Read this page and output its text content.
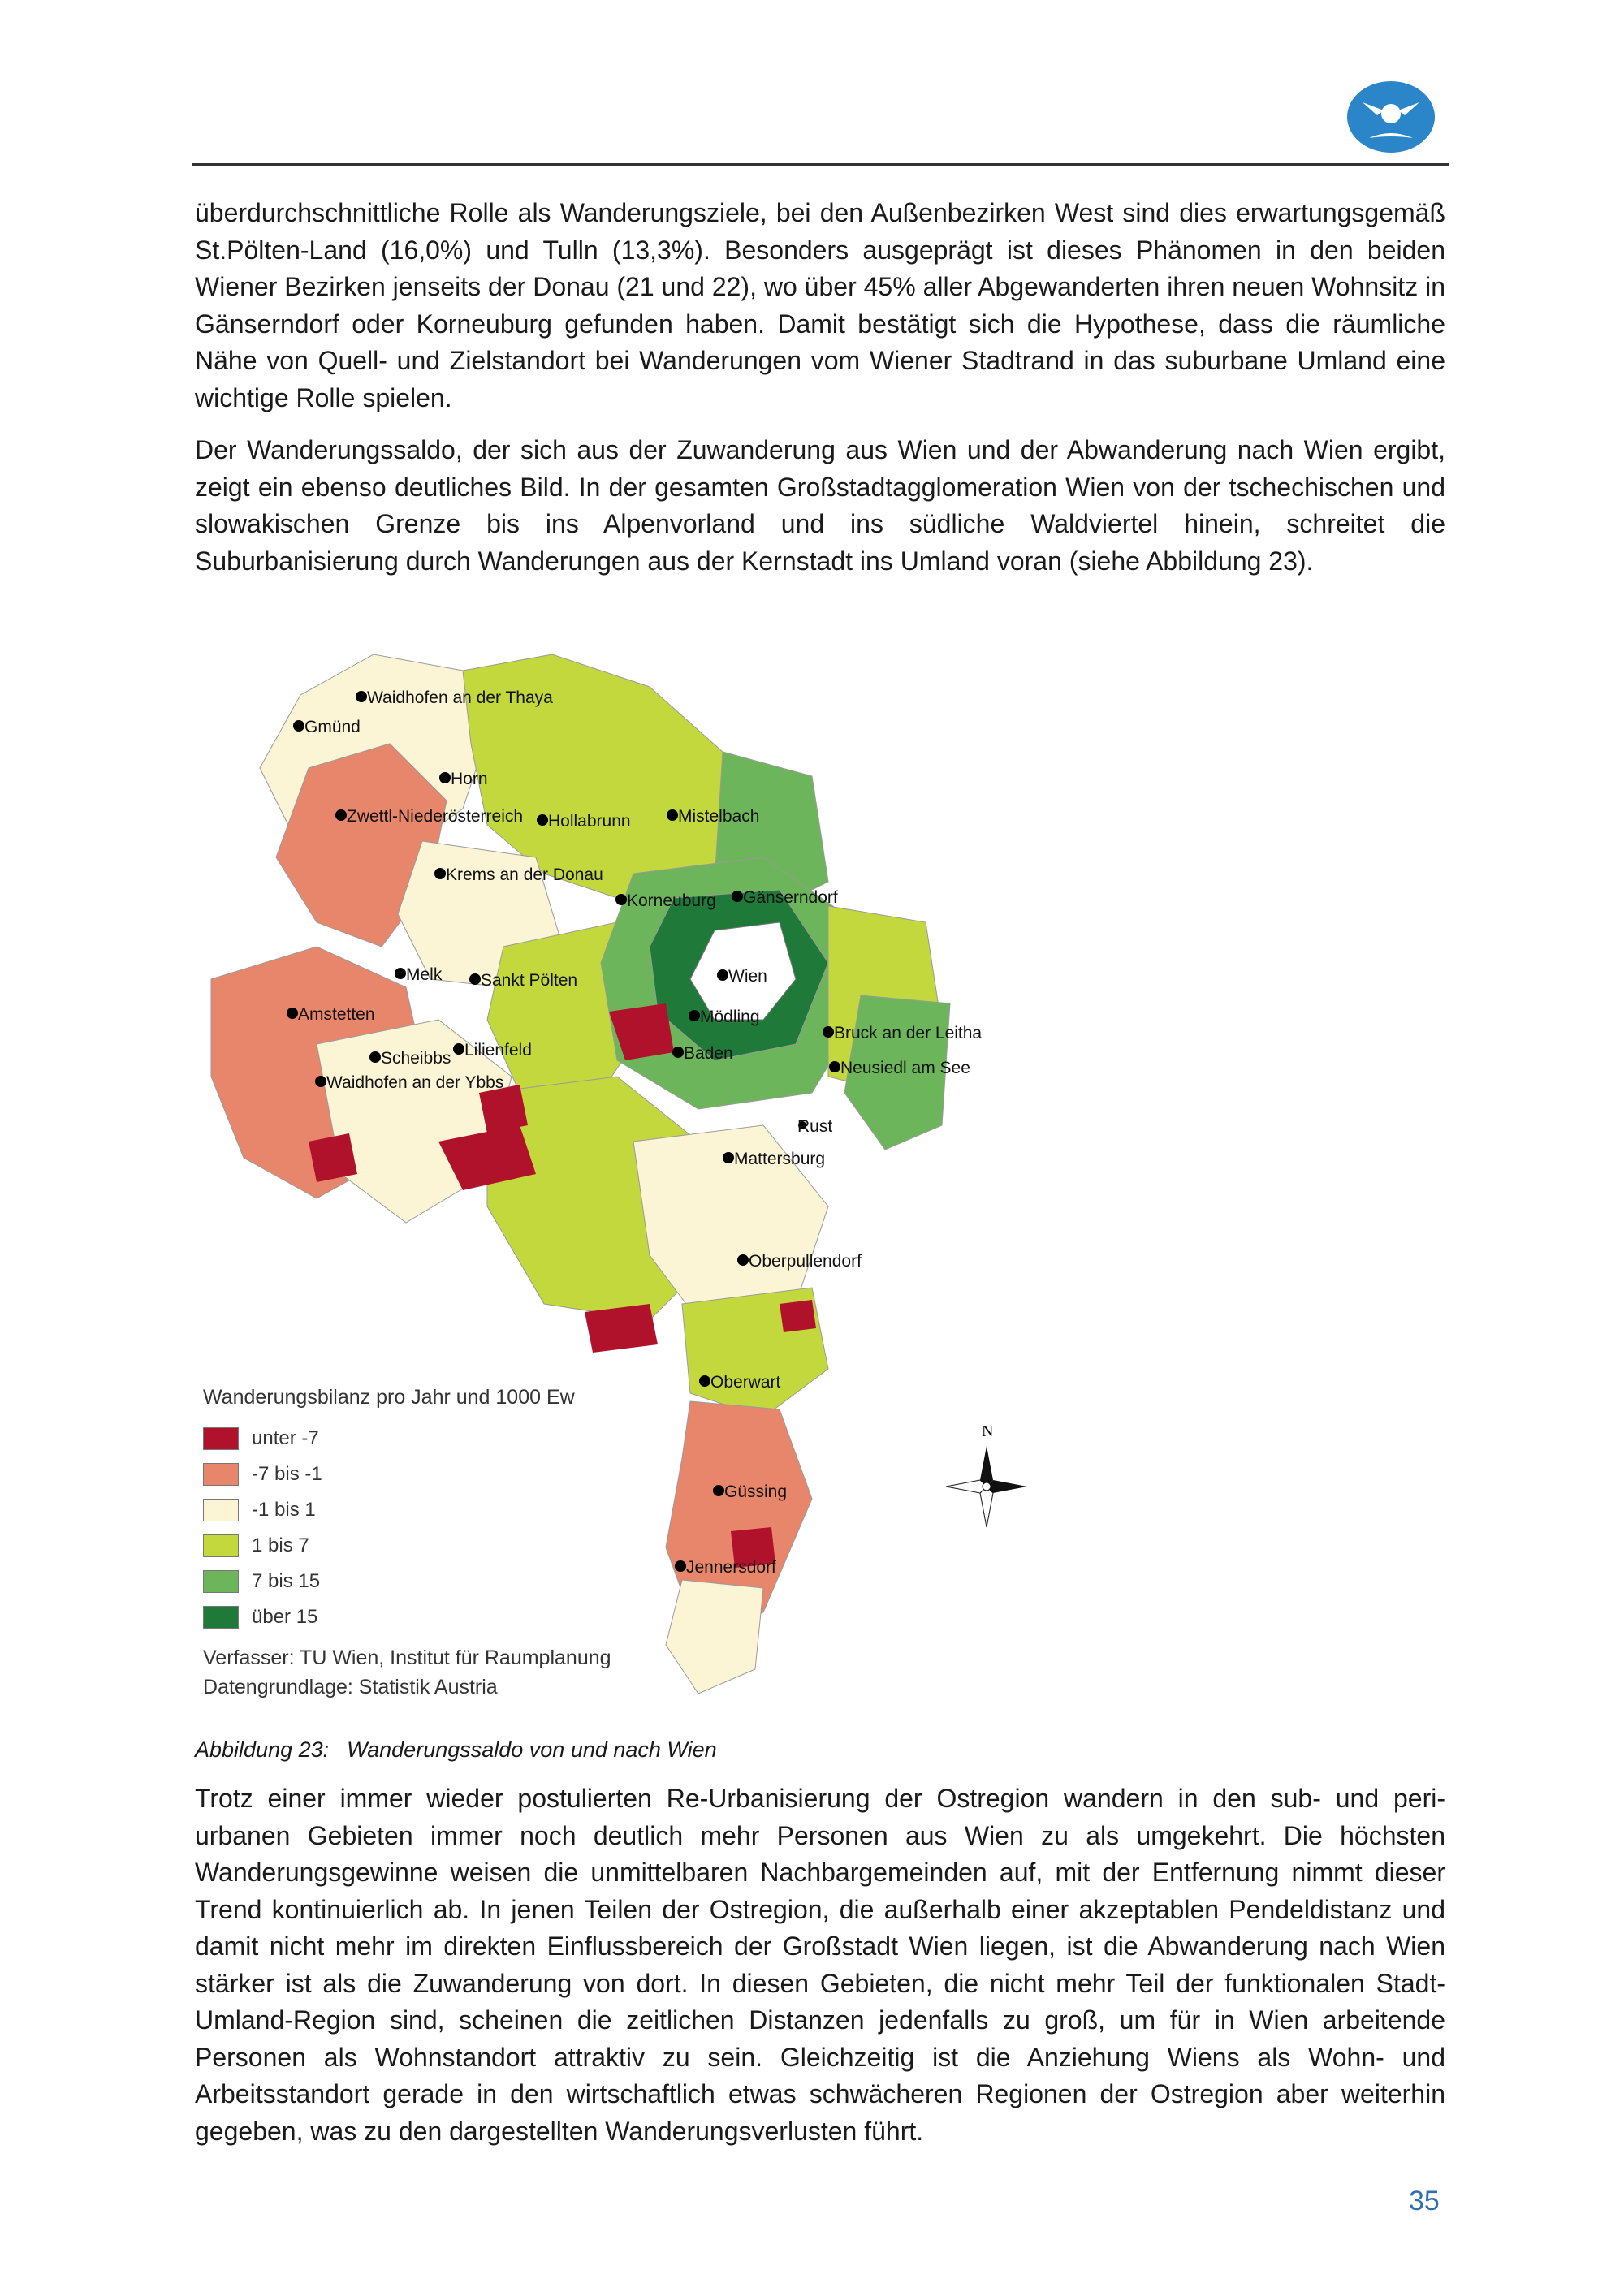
überdurchschnittliche Rolle als Wanderungsziele, bei den Außenbezirken West sind dies erwartungsgemäß St.Pölten-Land (16,0%) und Tulln (13,3%). Besonders ausgeprägt ist dieses Phänomen in den beiden Wiener Bezirken jenseits der Donau (21 und 22), wo über 45% aller Abgewanderten ihren neuen Wohnsitz in Gänserndorf oder Korneuburg gefunden haben. Damit bestätigt sich die Hypothese, dass die räumliche Nähe von Quell- und Zielstandort bei Wanderungen vom Wiener Stadtrand in das suburbane Umland eine wichtige Rolle spielen.

Der Wanderungssaldo, der sich aus der Zuwanderung aus Wien und der Abwanderung nach Wien ergibt, zeigt ein ebenso deutliches Bild. In der gesamten Großstadtagglomeration Wien von der tschechischen und slowakischen Grenze bis ins Alpenvorland und ins südliche Waldviertel hinein, schreitet die Suburbanisierung durch Wanderungen aus der Kernstadt ins Umland voran (siehe Abbildung 23).

Waidhofen an der Thaya
Gmünd
Horn
Zwettl-Niederösterreich Hollabrunn	Mistelbach
Krems an der Donau
Korneuburg Gänserndorf
Wien
Melk Sankt Pölten
Mödling
Bruck an der Leitha
Amstetten
Lilienfeld	Baden
Neusiedl am See
Scheibbs
Waidhofen an der Ybbs
Rust
Mattersburg
Oberpullendorf
Oberwart
Güssing
Jennersdorf
N
Wanderungsbilanz pro Jahr und 1000 Ew
unter -7
-7 bis -1
-1 bis 1
1 bis 7
7 bis 15
über 15
Verfasser: TU Wien, Institut für Raumplanung
Datengrundlage: Statistik Austria

Abbildung 23: Wanderungssaldo von und nach Wien

Trotz einer immer wieder postulierten Re-Urbanisierung der Ostregion wandern in den sub- und peri-urbanen Gebieten immer noch deutlich mehr Personen aus Wien zu als umgekehrt. Die höchsten Wanderungsgewinne weisen die unmittelbaren Nachbargemeinden auf, mit der Entfernung nimmt dieser Trend kontinuierlich ab. In jenen Teilen der Ostregion, die außerhalb einer akzeptablen Pendeldistanz und damit nicht mehr im direkten Einflussbereich der Großstadt Wien liegen, ist die Abwanderung nach Wien stärker ist als die Zuwanderung von dort. In diesen Gebieten, die nicht mehr Teil der funktionalen Stadt-Umland-Region sind, scheinen die zeitlichen Distanzen jedenfalls zu groß, um für in Wien arbeitende Personen als Wohnstandort attraktiv zu sein. Gleichzeitig ist die Anziehung Wiens als Wohn- und Arbeitsstandort gerade in den wirtschaftlich etwas schwächeren Regionen der Ostregion aber weiterhin gegeben, was zu den dargestellten Wanderungsverlusten führt.

35
